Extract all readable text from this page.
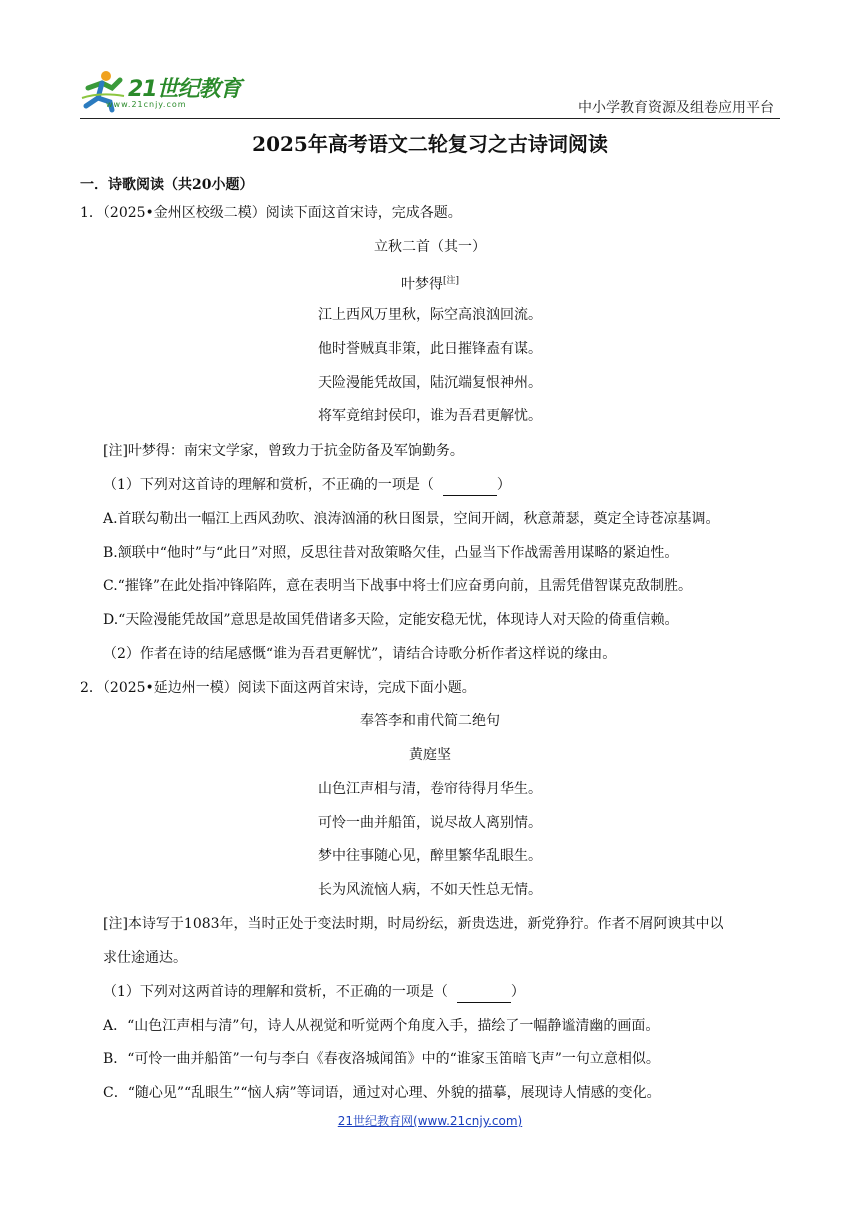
21世纪教育
www.21cnjy.com	中小学教育资源及组卷应用平台
2025年高考语文二轮复习之古诗词阅读
一．诗歌阅读（共20小题）
1．（2025•金州区校级二模）阅读下面这首宋诗，完成各题。
立秋二首（其一）
叶梦得[注]
江上西风万里秋，际空高浪汹回流。
他时誉贼真非策，此日摧锋盍有谋。
天险漫能凭故国，陆沉端复恨神州。
将军竟绾封侯印，谁为吾君更解忧。
[注]叶梦得：南宋文学家，曾致力于抗金防备及军饷勤务。
（1）下列对这首诗的理解和赏析，不正确的一项是（	）
A.首联勾勒出一幅江上西风劲吹、浪涛汹涌的秋日图景，空间开阔，秋意萧瑟，奠定全诗苍凉基调。
B.颔联中“他时”与“此日”对照，反思往昔对敌策略欠佳，凸显当下作战需善用谋略的紧迫性。
C.“摧锋”在此处指冲锋陷阵，意在表明当下战事中将士们应奋勇向前，且需凭借智谋克敌制胜。
D.“天险漫能凭故国”意思是故国凭借诸多天险，定能安稳无忧，体现诗人对天险的倚重信赖。
（2）作者在诗的结尾感慨“谁为吾君更解忧”，请结合诗歌分析作者这样说的缘由。
2．（2025•延边州一模）阅读下面这两首宋诗，完成下面小题。
奉答李和甫代简二绝句
黄庭坚
山色江声相与清，卷帘待得月华生。
可怜一曲并船笛，说尽故人离别情。
梦中往事随心见，醉里繁华乱眼生。
长为风流恼人病，不如天性总无情。
[注]本诗写于1083年，当时正处于变法时期，时局纷纭，新贵迭进，新党狰狞。作者不屑阿谀其中以
求仕途通达。
（1）下列对这两首诗的理解和赏析，不正确的一项是（	）
A．“山色江声相与清”句，诗人从视觉和听觉两个角度入手，描绘了一幅静谧清幽的画面。
B．“可怜一曲并船笛”一句与李白《春夜洛城闻笛》中的“谁家玉笛暗飞声”一句立意相似。
C．“随心见”“乱眼生”“恼人病”等词语，通过对心理、外貌的描摹，展现诗人情感的变化。
21世纪教育网(www.21cnjy.com)
